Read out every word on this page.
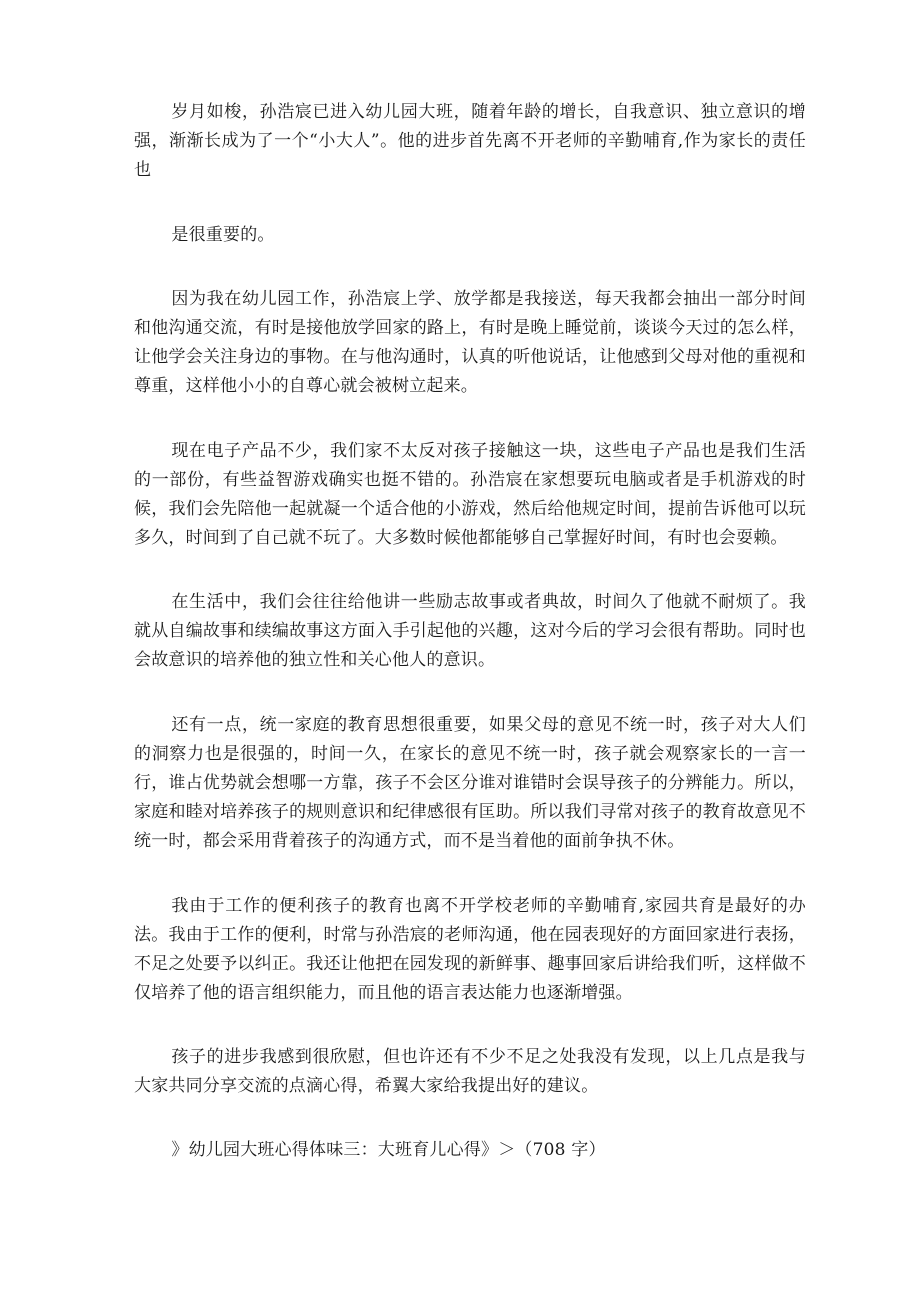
岁月如梭，孙浩宸已进入幼儿园大班，随着年龄的增长，自我意识、独立意识的增强，渐渐长成为了一个“小大人”。他的进步首先离不开老师的辛勤哺育,作为家长的责任也

是很重要的。

因为我在幼儿园工作，孙浩宸上学、放学都是我接送，每天我都会抽出一部分时间和他沟通交流，有时是接他放学回家的路上，有时是晚上睡觉前，谈谈今天过的怎么样，让他学会关注身边的事物。在与他沟通时，认真的听他说话，让他感到父母对他的重视和尊重，这样他小小的自尊心就会被树立起来。

现在电子产品不少，我们家不太反对孩子接触这一块，这些电子产品也是我们生活的一部份，有些益智游戏确实也挺不错的。孙浩宸在家想要玩电脑或者是手机游戏的时候，我们会先陪他一起就凝一个适合他的小游戏，然后给他规定时间，提前告诉他可以玩多久，时间到了自己就不玩了。大多数时候他都能够自己掌握好时间，有时也会耍赖。

在生活中，我们会往往给他讲一些励志故事或者典故，时间久了他就不耐烦了。我就从自编故事和续编故事这方面入手引起他的兴趣，这对今后的学习会很有帮助。同时也会故意识的培养他的独立性和关心他人的意识。

还有一点，统一家庭的教育思想很重要，如果父母的意见不统一时，孩子对大人们的洞察力也是很强的，时间一久，在家长的意见不统一时，孩子就会观察家长的一言一行，谁占优势就会想哪一方靠，孩子不会区分谁对谁错时会误导孩子的分辨能力。所以，家庭和睦对培养孩子的规则意识和纪律感很有匡助。所以我们寻常对孩子的教育故意见不统一时，都会采用背着孩子的沟通方式，而不是当着他的面前争执不休。

我由于工作的便利孩子的教育也离不开学校老师的辛勤哺育,家园共育是最好的办法。我由于工作的便利，时常与孙浩宸的老师沟通，他在园表现好的方面回家进行表扬，不足之处要予以纠正。我还让他把在园发现的新鲜事、趣事回家后讲给我们听，这样做不仅培养了他的语言组织能力，而且他的语言表达能力也逐渐增强。

孩子的进步我感到很欣慰，但也许还有不少不足之处我没有发现，以上几点是我与大家共同分享交流的点滴心得，希翼大家给我提出好的建议。

》幼儿园大班心得体味三：大班育儿心得》＞（708 字）
